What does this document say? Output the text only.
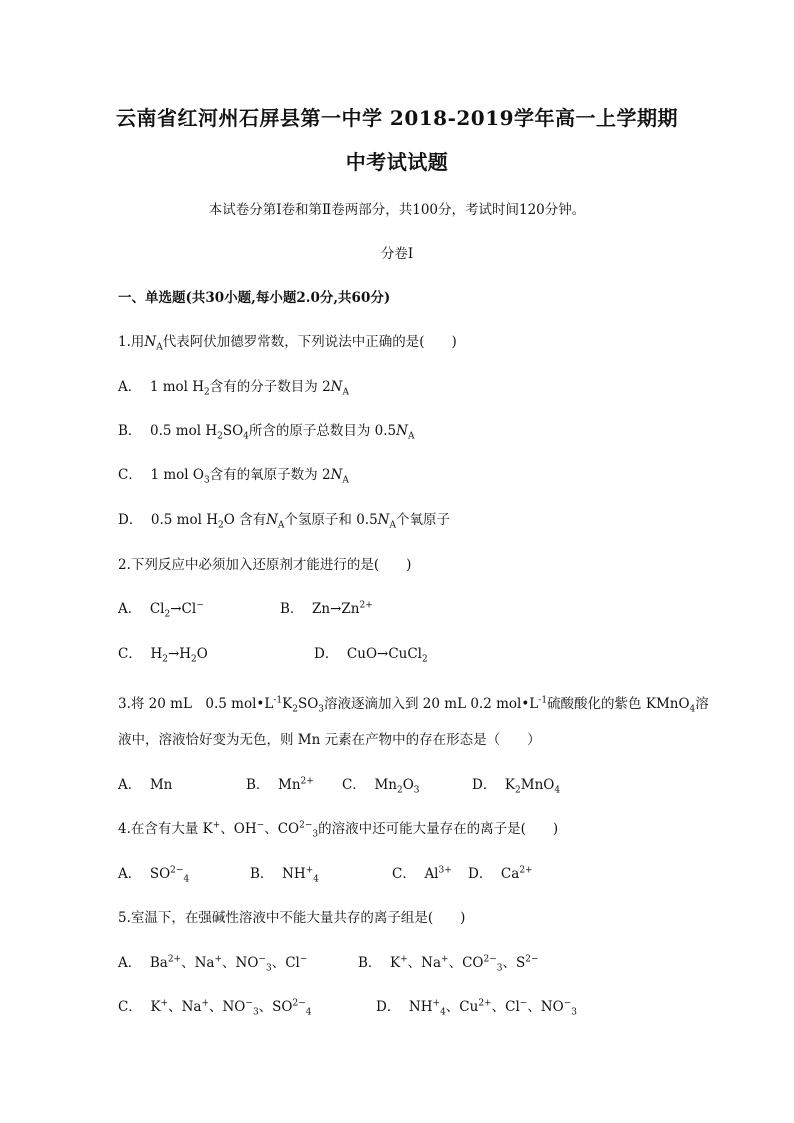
云南省红河州石屏县第一中学 2018-2019学年高一上学期期
中考试试题
本试卷分第Ⅰ卷和第Ⅱ卷两部分，共100分，考试时间120分钟。
分卷Ⅰ
一、单选题(共30小题,每小题2.0分,共60分)
1.用$N_A$代表阿伏加德罗常数，下列说法中正确的是(　　)
A． 1 mol $H_2$含有的分子数目为 $2N_A$
B． 0.5 mol $H_2SO_4$所含的原子总数目为 $0.5N_A$
C． 1 mol $O_3$含有的氧原子数为 $2N_A$
D． 0.5 mol $H_2O$ 含有$N_A$个氢原子和 $0.5N_A$个氧原子
2.下列反应中必须加入还原剂才能进行的是(　　)
A． $Cl_2\to Cl^-$	B． $Zn\to Zn^{2+}$
C． $H_2\to H_2O$	D． CuO→CuCl$_2$
3.将 20 mL　0.5 $mol•L^{-1}K_2SO_3$溶液逐滴加入到 20 mL 0.2 $mol•L^{-1}$硫酸酸化的紫色 KMnO$_4$溶
液中，溶液恰好变为无色，则 Mn 元素在产物中的存在形态是（　　）
A． Mn	B． $Mn^{2+}$ C． $Mn_2O_3$	D． $K_2MnO_4$
4.在含有大量 K+、OH−、$CO^{2-}_3$的溶液中还可能大量存在的离子是(　　)
A． $SO^{2-}_4$	B． $NH^+_4$	C． $Al^{3+}$ D． $Ca^{2+}$
5.室温下，在强碱性溶液中不能大量共存的离子组是(　　)
A． $Ba^{2+}$、Na+、$NO^-_3$、Cl−	B． K+、Na+、$CO^{2-}_3$、$S^{2-}$
C． K+、Na+、$NO^-_3$、$SO^{2-}_4$	D． $NH^+_4$、$Cu^{2+}$、Cl−、$NO^-_3$
